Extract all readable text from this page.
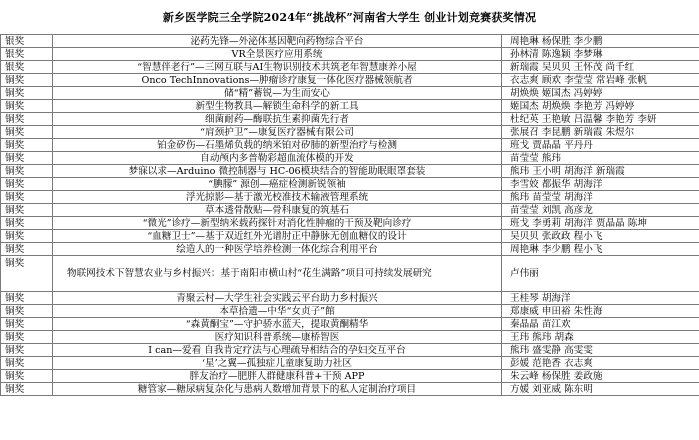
新乡医学院三全学院2024年“挑战杯”河南省大学生 创业计划竞赛获奖情况
银奖	泌药先锋—外泌体基因靶向药物综合平台	周艳琳 杨保胜 李少鹏
银奖	VR全景医疗应用系统	孙林清 陈逸颖 李梦琳
银奖	“智慧伴老行”—三网互联与AI生物识别技术共筑老年智慧康养小屋	新瑞霞 吴贝贝 王怀茂 尚千红
铜奖	Onco TechInnovations—肿瘤诊疗康复一体化医疗器械领航者	衣志爽 顾欢 李莹莹 常岩峰 张帆
铜奖	储“精”蓄锐—为生而安心	胡焕焕 姬国杰 冯婷婷
铜奖	新型生物教具—解锁生命科学的新工具	姬国杰 胡焕焕 李艳芳 冯婷婷
铜奖	细菌耐药—酶联抗生素抑菌先行者	杜纪英 王艳敏 吕温馨 李艳芳 李妍
铜奖	“肩颈护卫”—康复医疗器械有限公司	张展召 李昆鹏 新瑞霞 朱煜尔
铜奖	铂金矽伤—石墨烯负载的纳米铂对矽肺的新型治疗与检测	班戈 贾晶晶 平丹丹
铜奖	自动颅内多普勒彩超血流体模的开发	苗莹莹 熊玮
铜奖	梦寐以求—Arduino 微控制器与 HC-06模块结合的智能助眠眼罩套装	熊玮 王小明 胡海洋 新瑞霞
铜奖	“腆朦” 源创—癌症检测新锐领袖	李雪姣 都振华 胡海洋
铜奖	浮光掠影—基于激光校准技术输液管理系统	熊玮 苗莹莹 胡海洋
铜奖	草本透骨散贴—骨科康复的筑基石	苗莹莹 刘凯 高彦龙
铜奖	“微光”诊疗—新型纳米载药探针对消化性肿瘤的干预及靶向诊疗	班戈 李勇莉 胡海洋 贾晶晶 陈坤
铜奖	“血糖卫士”—基于双近红外光谱肘正中静脉无创血糖仪的设计	吴贝贝 张政政 程小飞
铜奖	绘造人的一种医学培养检测一体化综合利用平台	周艳琳 李少鹏 程小飞
铜奖	物联网技术下智慧农业与乡村振兴：基于南阳市横山村“花生满路”项目可持续发展研究	卢伟丽
铜奖	青聚云村—大学生社会实践云平台助力乡村振兴	王桂琴 胡海洋
铜奖	本草拾遗—中华“女贞子”館	郑康威 申田裕 朱性海
铜奖	“森黄酮宝”—守护骄水蓝天，提取黄酮精华	秦晶晶 苗江欢
铜奖	医疗知识科普系统—康桥智医	王玮 熊玮 胡森
铜奖	I can—爱看 自我肯定疗法与心理疏导相结合的孕妇交互平台	熊玮 盛雯静 高雯雯
铜奖	‘星’之翼—孤独症儿童康复助力社区	彭媛 范艳香 衣志爽
铜奖	胖友治疗—肥胖人群健康科普+干预 APP	朱云峰 杨保胜 姜政施
铜奖	糖管家—糖尿病复杂化与患病人数增加背景下的私人定制治疗项目	方媛 刘亚威 陈东明
